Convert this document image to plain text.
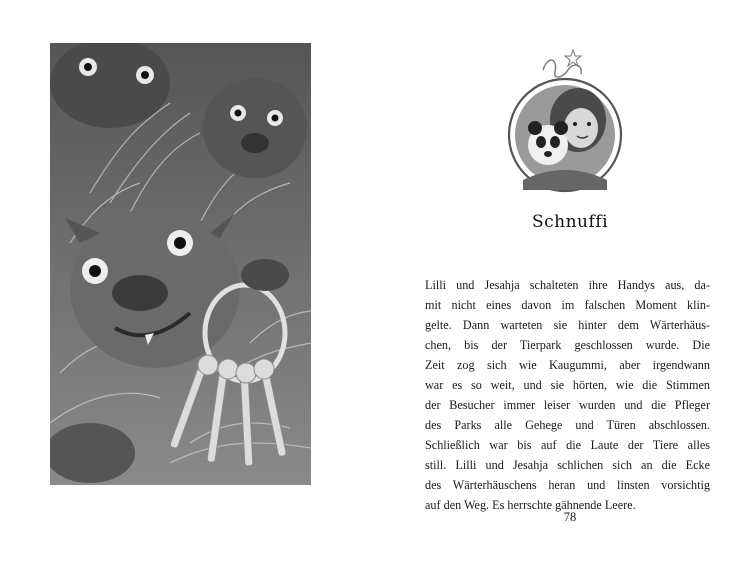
Schnuffi
Lilli und Jesahja schalteten ihre Handys aus, da-
mit nicht eines davon im falschen Moment klin-
gelte. Dann warteten sie hinter dem Wärterhäus-
chen, bis der Tierpark geschlossen wurde. Die
Zeit zog sich wie Kaugummi, aber irgendwann
war es so weit, und sie hörten, wie die Stimmen
der Besucher immer leiser wurden und die Pfleger
des Parks alle Gehege und Türen abschlossen.
Schließlich war bis auf die Laute der Tiere alles
still. Lilli und Jesahja schlichen sich an die Ecke
des Wärterhäuschens heran und linsten vorsichtig
auf den Weg. Es herrschte gähnende Leere.
78
